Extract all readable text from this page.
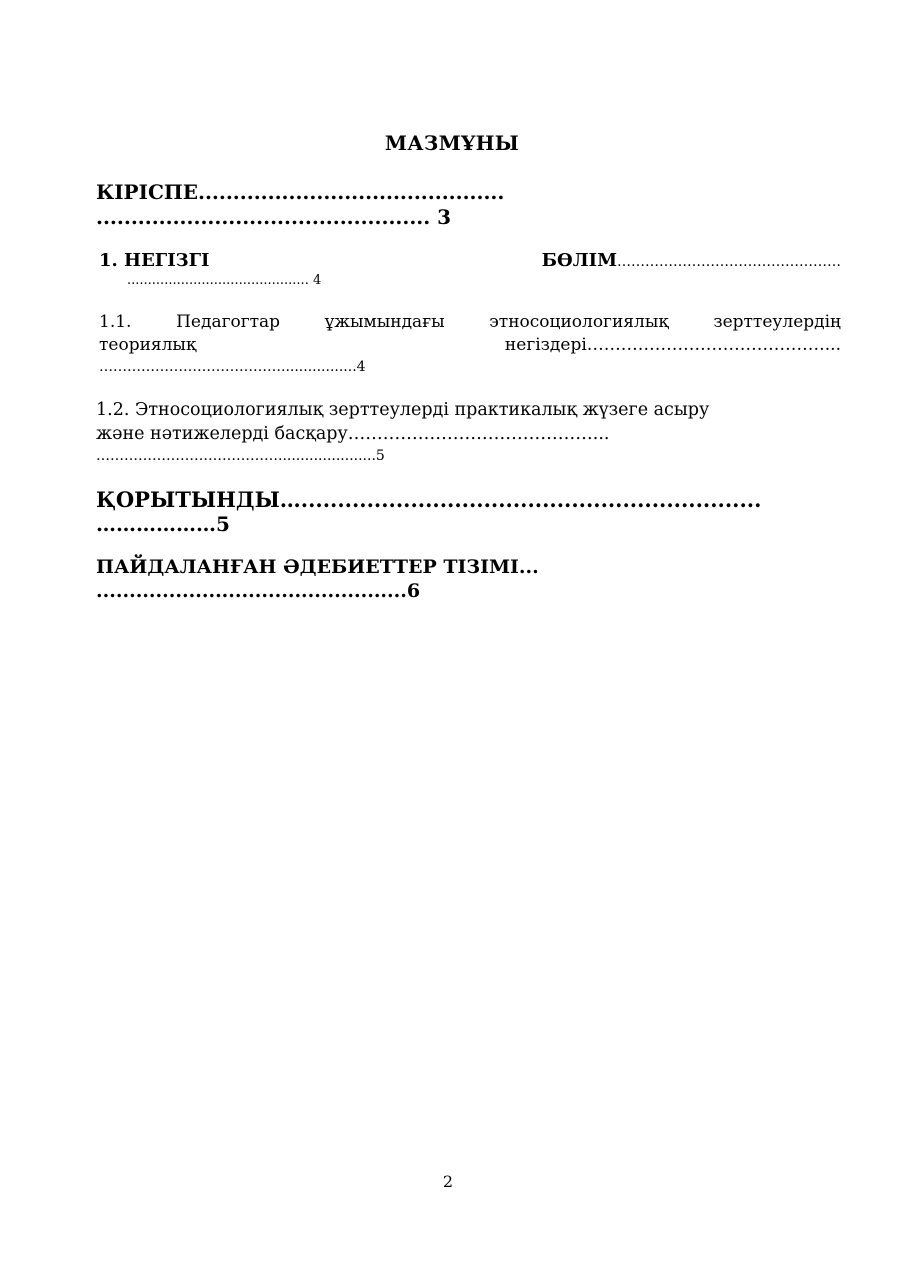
МАЗМҰНЫ
КІРІСПЕ............................................
................................................ 3
1. НЕГІЗГІ	БӨЛІМ…………………………………………
............................................ 4
1.1.	Педагогтар	ұжымындағы	этносоциологиялық	зерттеулердің
теориялық	негіздері……………………………………...
………………………………….................4
1.2. Этносоциологиялық зерттеулерді практикалық жүзеге асыру
және нәтижелерді басқару……………………………………...
…………………………………......................5
ҚОРЫТЫНДЫ…...............................................................
………………5
ПАЙДАЛАНҒАН ӘДЕБИЕТТЕР ТІЗІМІ...
...............................................6
2
